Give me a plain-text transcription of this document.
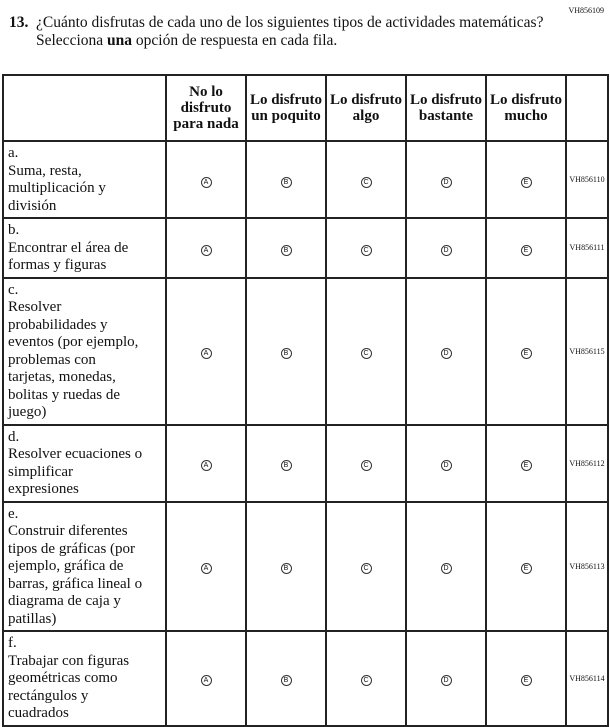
VH856109
13. ¿Cuánto disfrutas de cada uno de los siguientes tipos de actividades matemáticas? Selecciona una opción de respuesta en cada fila.
	No lo disfruto para nada	Lo disfruto un poquito	Lo disfruto algo	Lo disfruto bastante	Lo disfruto mucho	
a.Suma, resta, multiplicación y división	A	B	C	D	E	VH856110
b.Encontrar el área de formas y figuras	A	B	C	D	E	VH856111
c.Resolver probabilidades y eventos (por ejemplo, problemas con tarjetas, monedas, bolitas y ruedas de juego)	A	B	C	D	E	VH856115
d.Resolver ecuaciones o simplificar expresiones	A	B	C	D	E	VH856112
e.Construir diferentes tipos de gráficas (por ejemplo, gráfica de barras, gráfica lineal o diagrama de caja y patillas)	A	B	C	D	E	VH856113
f.Trabajar con figuras geométricas como rectángulos y cuadrados	A	B	C	D	E	VH856114
